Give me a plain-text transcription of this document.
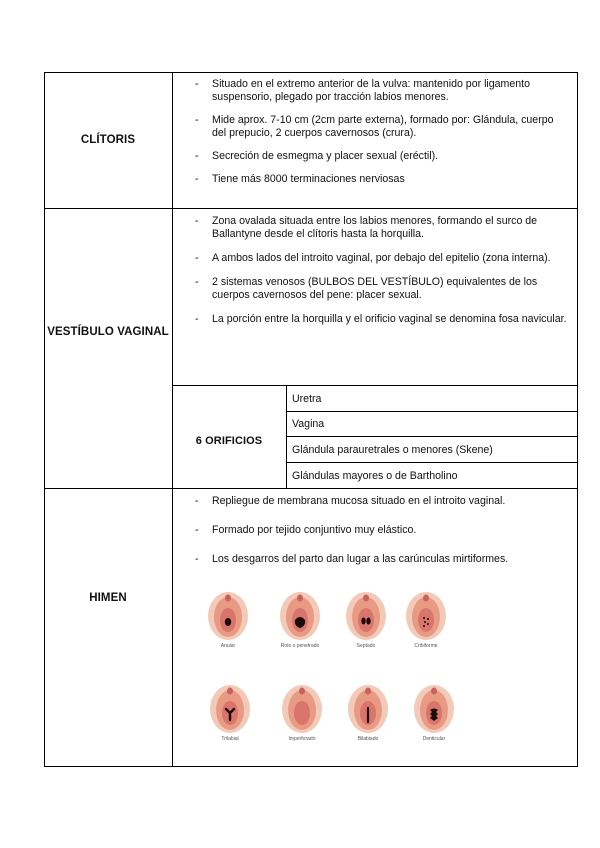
CLÍTORIS
- Situado en el extremo anterior de la vulva: mantenido por ligamento suspensorio, plegado por tracción labios menores.
- Mide aprox. 7-10 cm (2cm parte externa), formado por: Glándula, cuerpo del prepucio, 2 cuerpos cavernosos (crura).
- Secreción de esmegma y placer sexual (eréctil).
- Tiene más 8000 terminaciones nerviosas
VESTÍBULO VAGINAL
- Zona ovalada situada entre los labios menores, formando el surco de Ballantyne desde el clítoris hasta la horquilla.
- A ambos lados del introito vaginal, por debajo del epitelio (zona interna).
- 2 sistemas venosos (BULBOS DEL VESTÍBULO) equivalentes de los cuerpos cavernosos del pene: placer sexual.
- La porción entre la horquilla y el orificio vaginal se denomina fosa navicular.
6 ORIFICIOS
Uretra
Vagina
Glándula parauretrales o menores (Skene)
Glándulas mayores o de Bartholino
HIMEN
- Repliegue de membrana mucosa situado en el introito vaginal.
- Formado por tejido conjuntivo muy elástico.
- Los desgarros del parto dan lugar a las carúnculas mirtiformes.
Anular	Roto o penetrado	Septado	Cribiforme
Trilabial	Imperforado	Bilabiado	Denticular
